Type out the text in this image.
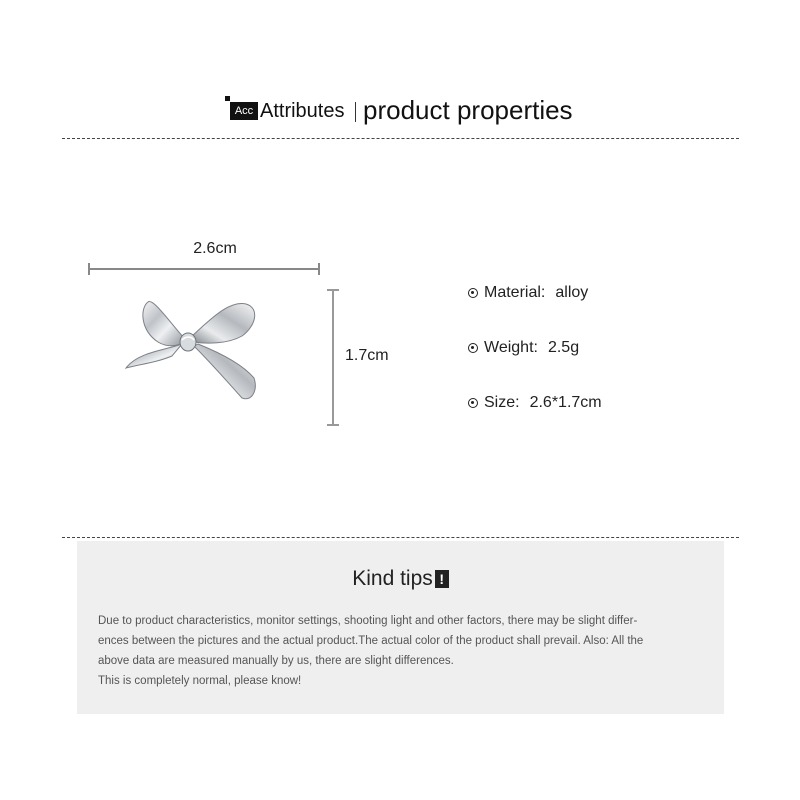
Acc Attributes product properties
2.6cm
1.7cm
Material: alloy
Weight: 2.5g
Size: 2.6*1.7cm
Kind tips !
Due to product characteristics, monitor settings, shooting light and other factors, there may be slight differ-
ences between the pictures and the actual product.The actual color of the product shall prevail. Also: All the
above data are measured manually by us, there are slight differences.
This is completely normal, please know!
